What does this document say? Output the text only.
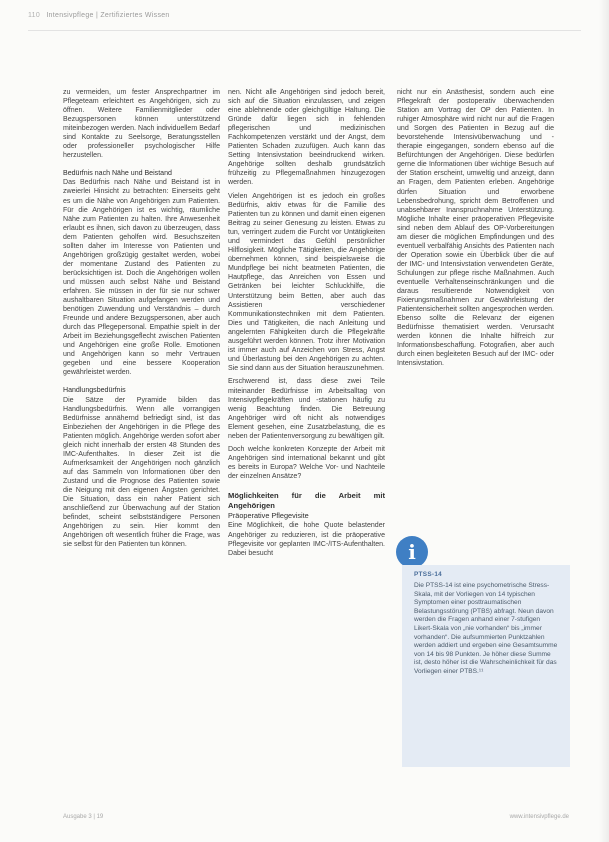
110 Intensivpflege | Zertifiziertes Wissen

zu vermeiden, um fester Ansprechpartner im Pflegeteam erleichtert es Angehörigen, sich zu öffnen. Weitere Familienmitglieder oder Bezugspersonen können unterstützend miteinbezogen werden. Nach individuellem Bedarf sind Kontakte zu Seelsorge, Beratungsstellen oder professioneller psychologischer Hilfe herzustellen.

Bedürfnis nach Nähe und Beistand

Das Bedürfnis nach Nähe und Beistand ist in zweierlei Hinsicht zu betrachten: Einerseits geht es um die Nähe von Angehörigen zum Patienten. Für die Angehörigen ist es wichtig, räumliche Nähe zum Patienten zu halten. Ihre Anwesenheit erlaubt es ihnen, sich davon zu überzeugen, dass dem Patienten geholfen wird. Besuchszeiten sollten daher im Interesse von Patienten und Angehörigen großzügig gestaltet werden, wobei der momentane Zustand des Patienten zu berücksichtigen ist. Doch die Angehörigen wollen und müssen auch selbst Nähe und Beistand erfahren. Sie müssen in der für sie nur schwer aushaltbaren Situation aufgefangen werden und benötigen Zuwendung und Verständnis – durch Freunde und andere Bezugspersonen, aber auch durch das Pflegepersonal. Empathie spielt in der Arbeit im Beziehungsgeflecht zwischen Patienten und Angehörigen eine große Rolle. Emotionen und Angehörigen kann so mehr Vertrauen gegeben und eine bessere Kooperation gewährleistet werden.

Handlungsbedürfnis

Die Sätze der Pyramide bilden das Handlungsbedürfnis. Wenn alle vorrangigen Bedürfnisse annähernd befriedigt sind, ist das Einbeziehen der Angehörigen in die Pflege des Patienten möglich. Angehörige werden sofort aber gleich nicht innerhalb der ersten 48 Stunden des IMC-Aufenthaltes. In dieser Zeit ist die Aufmerksamkeit der Angehörigen noch gänzlich auf das Sammeln von Informationen über den Zustand und die Prognose des Patienten sowie die Neigung mit den eigenen Ängsten gerichtet. Die Situation, dass ein naher Patient sich anschließend zur Überwachung auf der Station befindet, scheint selbstständigere Personen Angehörigen zu sein. Hier kommt den Angehörigen oft wesentlich früher die Frage, was sie selbst für den Patienten tun können.

nen. Nicht alle Angehörigen sind jedoch bereit, sich auf die Situation einzulassen, und zeigen eine ablehnende oder gleichgültige Haltung. Die Gründe dafür liegen sich in fehlenden pflegerischen und medizinischen Fachkompetenzen verstärkt und der Angst, dem Patienten Schaden zuzufügen. Auch kann das Setting Intensivstation beeindruckend wirken. Angehörige sollten deshalb grundsätzlich frühzeitig zu Pflegemaßnahmen hinzugezogen werden.

Vielen Angehörigen ist es jedoch ein großes Bedürfnis, aktiv etwas für die Familie des Patienten tun zu können und damit einen eigenen Beitrag zu seiner Genesung zu leisten. Etwas zu tun, verringert zudem die Furcht vor Untätigkeiten und vermindert das Gefühl persönlicher Hilflosigkeit. Mögliche Tätigkeiten, die Angehörige übernehmen können, sind beispielsweise die Mundpflege bei nicht beatmeten Patienten, die Hautpflege, das Anreichen von Essen und Getränken bei leichter Schluckhilfe, die Unterstützung beim Betten, aber auch das Assistieren verschiedener Kommunikationstechniken mit dem Patienten. Dies und Tätigkeiten, die nach Anleitung und angelernten Fähigkeiten durch die Pflegekräfte ausgeführt werden können. Trotz ihrer Motivation ist immer auch auf Anzeichen von Stress, Angst und Überlastung bei den Angehörigen zu achten. Sie sind dann aus der Situation herauszunehmen.

Erschwerend ist, dass diese zwei Teile miteinander Bedürfnisse im Arbeitsalltag von Intensivpflegekräften und -stationen häufig zu wenig Beachtung finden. Die Betreuung Angehöriger wird oft nicht als notwendiges Element gesehen, eine Zusatzbelastung, die es neben der Patientenversorgung zu bewältigen gilt.

Doch welche konkreten Konzepte der Arbeit mit Angehörigen sind international bekannt und gibt es bereits in Europa? Welche Vor- und Nachteile der einzelnen Ansätze?

Möglichkeiten für die Arbeit mit Angehörigen
Präoperative Pflegevisite

Eine Möglichkeit, die hohe Quote belastender Angehöriger zu reduzieren, ist die präoperative Pflegevisite vor geplanten IMC-/ITS-Aufenthalten. Dabei besucht

nicht nur ein Anästhesist, sondern auch eine Pflegekraft der postoperativ überwachenden Station am Vortrag der OP den Patienten. In ruhiger Atmosphäre wird nicht nur auf die Fragen und Sorgen des Patienten in Bezug auf die bevorstehende Intensivüberwachung und -therapie eingegangen, sondern ebenso auf die Befürchtungen der Angehörigen. Diese bedürfen gerne die Informationen über wichtige Besuch auf der Station erscheint, umweltig und anzeigt, dann an Fragen, dem Patienten erleben. Angehörige dürfen Situation und erworbene Lebensbedrohung, spricht dem Betroffenen und unabsehbarer Inanspruchnahme Unterstützung. Mögliche Inhalte einer präoperativen Pflegevisite sind neben dem Ablauf des OP-Vorbereitungen am dieser die möglichen Empfindungen und des eventuell verbalfähig Ansichts des Patienten nach der Operation sowie ein Überblick über die auf der IMC- und Intensivstation verwendeten Geräte, Schulungen zur pflege rische Maßnahmen. Auch eventuelle Verhaltenseinschränkungen und die daraus resultierende Notwendigkeit von Fixierungsmaßnahmen zur Gewährleistung der Patientensicherheit sollten angesprochen werden. Ebenso sollte die Relevanz der eigenen Bedürfnisse thematisiert werden. Verursacht werden können die Inhalte hilfreich zur Informationsbeschaffung. Fotografien, aber auch durch einen begleiteten Besuch auf der IMC- oder Intensivstation.

i
PTSS-14
Die PTSS-14 ist eine psychometrische Stress-Skala, mit der Vorliegen von 14 typischen Symptomen einer posttraumatischen Belastungsstörung (PTBS) abfragt. Neun davon werden die Fragen anhand einer 7-stufigen Likert-Skala von „nie vorhanden“ bis „immer vorhanden“. Die aufsummierten Punktzahlen werden addiert und ergeben eine Gesamtsumme von 14 bis 98 Punkten. Je höher diese Summe ist, desto höher ist die Wahrscheinlichkeit für das Vorliegen einer PTBS.¹¹
Ausgabe 3 | 19	www.intensivpflege.de
